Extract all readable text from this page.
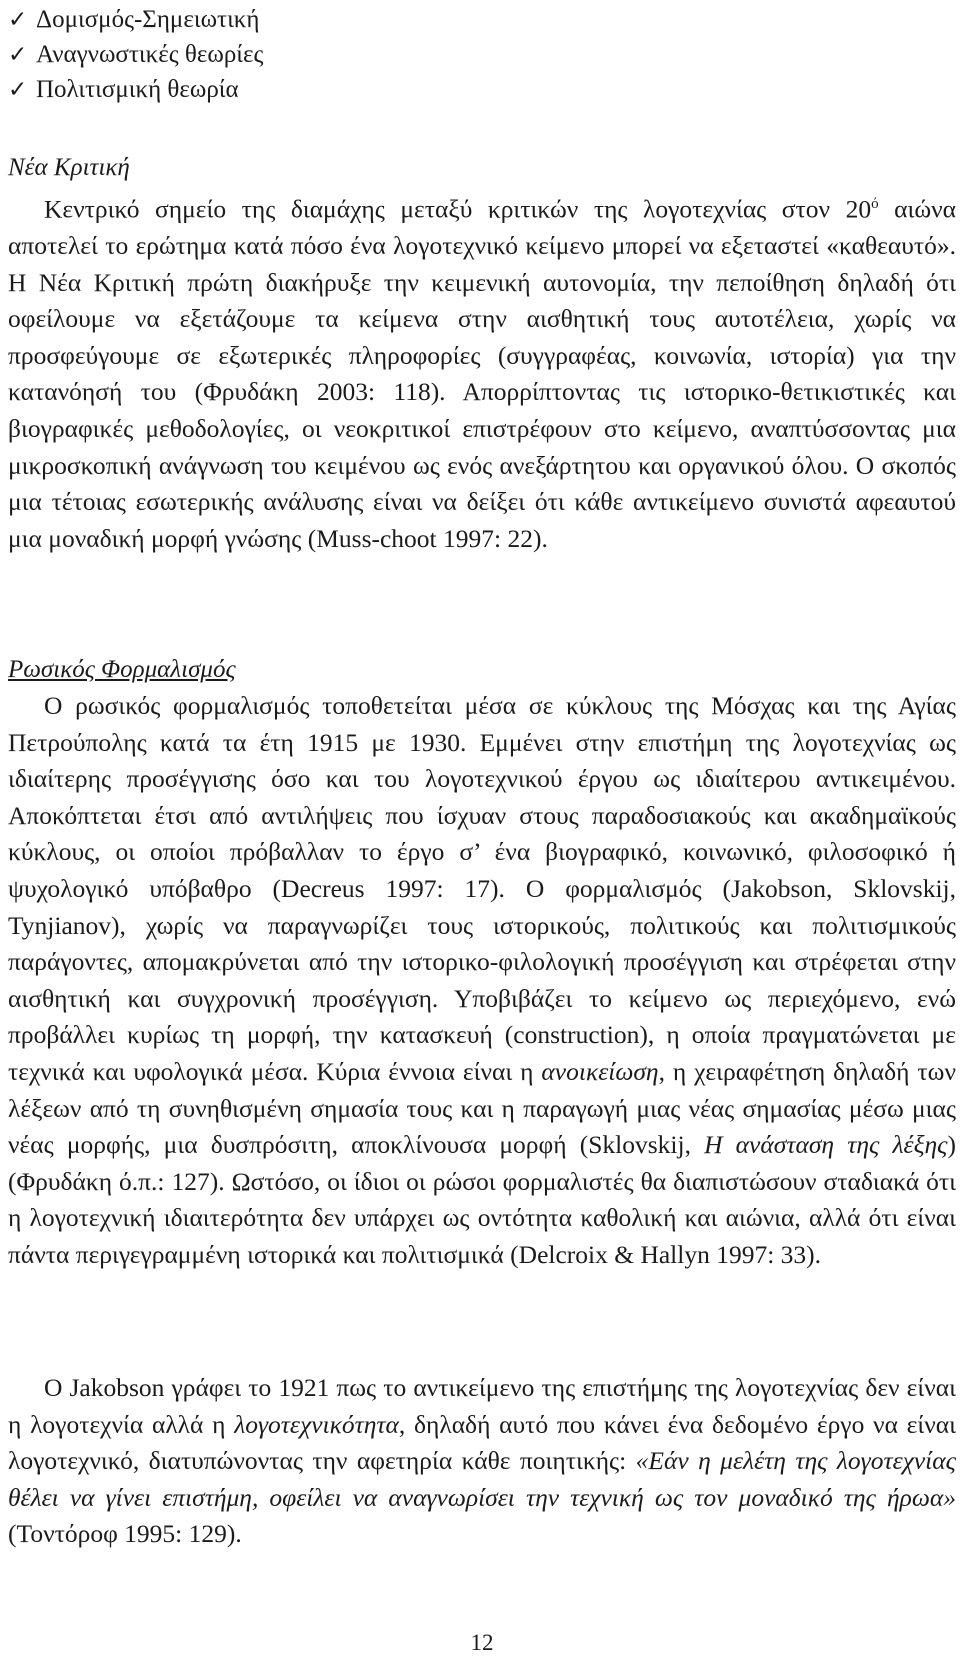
✓ Δομισμός-Σημειωτική
✓ Αναγνωστικές θεωρίες
✓ Πολιτισμική θεωρία

Νέα Κριτική

Κεντρικό σημείο της διαμάχης μεταξύ κριτικών της λογοτεχνίας στον $20^ό$ αιώνα αποτελεί το ερώτημα κατά πόσο ένα λογοτεχνικό κείμενο μπορεί να εξεταστεί «καθεαυτό». Η Νέα Κριτική πρώτη διακήρυξε την κειμενική αυτονομία, την πεποίθηση δηλαδή ότι οφείλουμε να εξετάζουμε τα κείμενα στην αισθητική τους αυτοτέλεια, χωρίς να προσφεύγουμε σε εξωτερικές πληροφορίες (συγγραφέας, κοινωνία, ιστορία) για την κατανόησή του (Φρυδάκη 2003: 118). Απορρίπτοντας τις ιστορικο-θετικιστικές και βιογραφικές μεθοδολογίες, οι νεοκριτικοί επιστρέφουν στο κείμενο, αναπτύσσοντας μια μικροσκοπική ανάγνωση του κειμένου ως ενός ανεξάρτητου και οργανικού όλου. Ο σκοπός μια τέτοιας εσωτερικής ανάλυσης είναι να δείξει ότι κάθε αντικείμενο συνιστά αφεαυτού μια μοναδική μορφή γνώσης (Muss-choot 1997: 22).

Ρωσικός Φορμαλισμός

Ο ρωσικός φορμαλισμός τοποθετείται μέσα σε κύκλους της Μόσχας και της Αγίας Πετρούπολης κατά τα έτη 1915 με 1930. Εμμένει στην επιστήμη της λογοτεχνίας ως ιδιαίτερης προσέγγισης όσο και του λογοτεχνικού έργου ως ιδιαίτερου αντικειμένου. Αποκόπτεται έτσι από αντιλήψεις που ίσχυαν στους παραδοσιακούς και ακαδημαϊκούς κύκλους, οι οποίοι πρόβαλλαν το έργο σ’ ένα βιογραφικό, κοινωνικό, φιλοσοφικό ή ψυχολογικό υπόβαθρο (Decreus 1997: 17). Ο φορμαλισμός (Jakobson, Sklovskij, Tynjianov), χωρίς να παραγνωρίζει τους ιστορικούς, πολιτικούς και πολιτισμικούς παράγοντες, απομακρύνεται από την ιστορικο-φιλολογική προσέγγιση και στρέφεται στην αισθητική και συγχρονική προσέγγιση. Υποβιβάζει το κείμενο ως περιεχόμενο, ενώ προβάλλει κυρίως τη μορφή, την κατασκευή (construction), η οποία πραγματώνεται με τεχνικά και υφολογικά μέσα. Κύρια έννοια είναι η ανοικείωση, η χειραφέτηση δηλαδή των λέξεων από τη συνηθισμένη σημασία τους και η παραγωγή μιας νέας σημασίας μέσω μιας νέας μορφής, μια δυσπρόσιτη, αποκλίνουσα μορφή (Sklovskij, Η ανάσταση της λέξης)(Φρυδάκη ό.π.: 127). Ωστόσο, οι ίδιοι οι ρώσοι φορμαλιστές θα διαπιστώσουν σταδιακά ότι η λογοτεχνική ιδιαιτερότητα δεν υπάρχει ως οντότητα καθολική και αιώνια, αλλά ότι είναι πάντα περιγεγραμμένη ιστορικά και πολιτισμικά (Delcroix & Hallyn 1997: 33).

Ο Jakobson γράφει το 1921 πως το αντικείμενο της επιστήμης της λογοτεχνίας δεν είναι η λογοτεχνία αλλά η λογοτεχνικότητα, δηλαδή αυτό που κάνει ένα δεδομένο έργο να είναι λογοτεχνικό, διατυπώνοντας την αφετηρία κάθε ποιητικής: «Εάν η μελέτη της λογοτεχνίας θέλει να γίνει επιστήμη, οφείλει να αναγνωρίσει την τεχνική ως τον μοναδικό της ήρωα» (Τοντόροφ 1995: 129).

12
